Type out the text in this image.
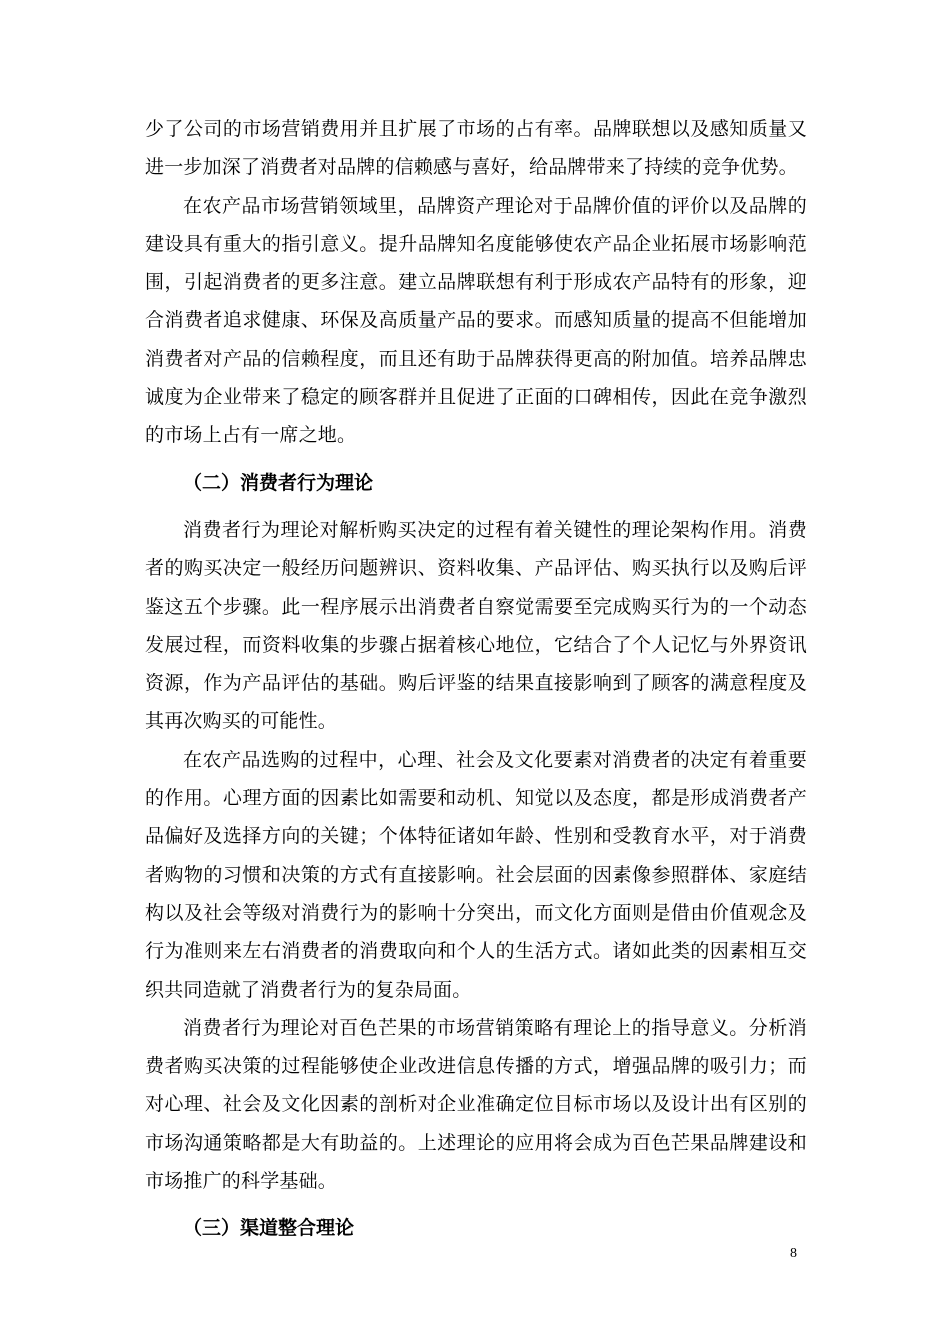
少了公司的市场营销费用并且扩展了市场的占有率。品牌联想以及感知质量又进一步加深了消费者对品牌的信赖感与喜好，给品牌带来了持续的竞争优势。

在农产品市场营销领域里，品牌资产理论对于品牌价值的评价以及品牌的建设具有重大的指引意义。提升品牌知名度能够使农产品企业拓展市场影响范围，引起消费者的更多注意。建立品牌联想有利于形成农产品特有的形象，迎合消费者追求健康、环保及高质量产品的要求。而感知质量的提高不但能增加消费者对产品的信赖程度，而且还有助于品牌获得更高的附加值。培养品牌忠诚度为企业带来了稳定的顾客群并且促进了正面的口碑相传，因此在竞争激烈的市场上占有一席之地。

（二）消费者行为理论

消费者行为理论对解析购买决定的过程有着关键性的理论架构作用。消费者的购买决定一般经历问题辨识、资料收集、产品评估、购买执行以及购后评鉴这五个步骤。此一程序展示出消费者自察觉需要至完成购买行为的一个动态发展过程，而资料收集的步骤占据着核心地位，它结合了个人记忆与外界资讯资源，作为产品评估的基础。购后评鉴的结果直接影响到了顾客的满意程度及其再次购买的可能性。

在农产品选购的过程中，心理、社会及文化要素对消费者的决定有着重要的作用。心理方面的因素比如需要和动机、知觉以及态度，都是形成消费者产品偏好及选择方向的关键；个体特征诸如年龄、性别和受教育水平，对于消费者购物的习惯和决策的方式有直接影响。社会层面的因素像参照群体、家庭结构以及社会等级对消费行为的影响十分突出，而文化方面则是借由价值观念及行为准则来左右消费者的消费取向和个人的生活方式。诸如此类的因素相互交织共同造就了消费者行为的复杂局面。

消费者行为理论对百色芒果的市场营销策略有理论上的指导意义。分析消费者购买决策的过程能够使企业改进信息传播的方式，增强品牌的吸引力；而对心理、社会及文化因素的剖析对企业准确定位目标市场以及设计出有区别的市场沟通策略都是大有助益的。上述理论的应用将会成为百色芒果品牌建设和市场推广的科学基础。

（三）渠道整合理论
8
